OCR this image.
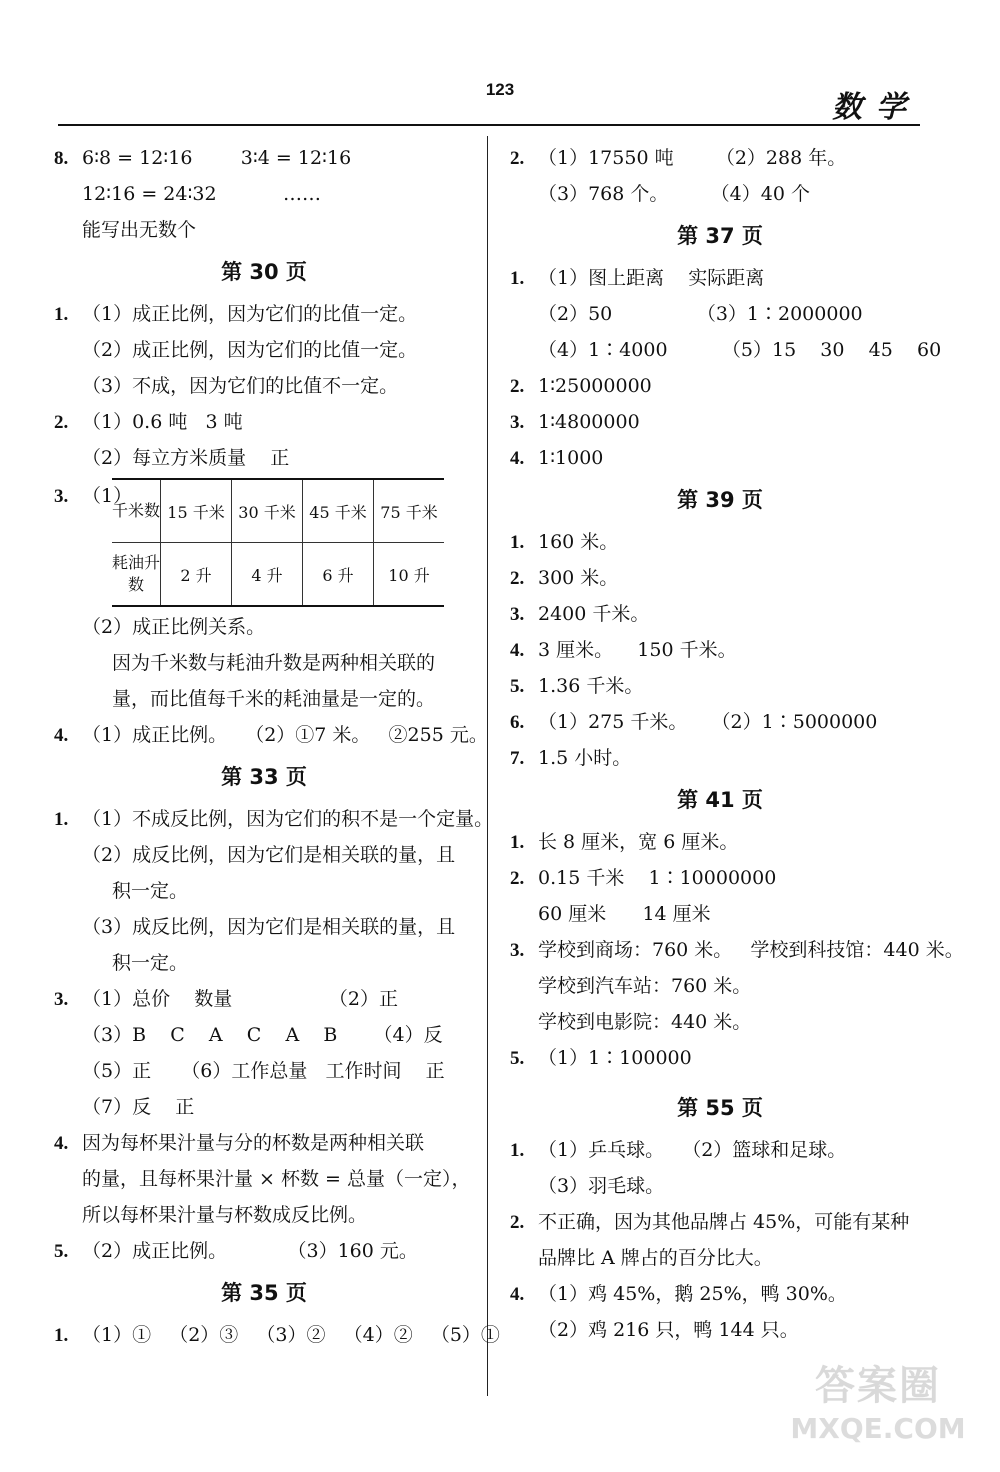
123
数学
8. 6∶8 = 12∶16        3∶4 = 12∶16
12∶16 = 24∶32           ……
能写出无数个
第 30 页
1. （1）成正比例，因为它们的比值一定。
（2）成正比例，因为它们的比值一定。
（3）不成，因为它们的比值不一定。
2. （1）0.6 吨   3 吨
（2）每立方米质量    正
3. （1）
千米数	15 千米	30 千米	45 千米	75 千米
耗油升数	2 升	4 升	6 升	10 升
（2）成正比例关系。
因为千米数与耗油升数是两种相关联的
量，而比值每千米的耗油量是一定的。
4. （1）成正比例。   （2）①7 米。   ②255 元。
第 33 页
1. （1）不成反比例，因为它们的积不是一个定量。
（2）成反比例，因为它们是相关联的量，且
积一定。
（3）成反比例，因为它们是相关联的量，且
积一定。
3. （1）总价    数量                （2）正
（3）B    C    A    C    A    B      （4）反
（5）正     （6）工作总量   工作时间    正
（7）反    正
4. 因为每杯果汁量与分的杯数是两种相关联
的量，且每杯果汁量 × 杯数 = 总量（一定），
所以每杯果汁量与杯数成反比例。
5. （2）成正比例。          （3）160 元。
第 35 页
1. （1）①   （2）③   （3）②   （4）②   （5）①
2. （1）17550 吨       （2）288 年。
（3）768 个。       （4）40 个
第 37 页
1. （1）图上距离    实际距离
（2）50              （3）1∶2000000
（4）1∶4000         （5）15    30    45    60
2. 1∶25000000
3. 1∶4800000
4. 1∶1000
第 39 页
1. 160 米。
2. 300 米。
3. 2400 千米。
4. 3 厘米。    150 千米。
5. 1.36 千米。
6. （1）275 千米。    （2）1∶5000000
7. 1.5 小时。
第 41 页
1. 长 8 厘米，宽 6 厘米。
2. 0.15 千米    1∶10000000
60 厘米      14 厘米
3. 学校到商场：760 米。   学校到科技馆：440 米。
学校到汽车站：760 米。
学校到电影院：440 米。
5. （1）1∶100000
第 55 页
1. （1）乒乓球。   （2）篮球和足球。
（3）羽毛球。
2. 不正确，因为其他品牌占 45%，可能有某种
品牌比 A 牌占的百分比大。
4. （1）鸡 45%，鹅 25%，鸭 30%。
（2）鸡 216 只，鸭 144 只。
答案圈
MXQE.COM
